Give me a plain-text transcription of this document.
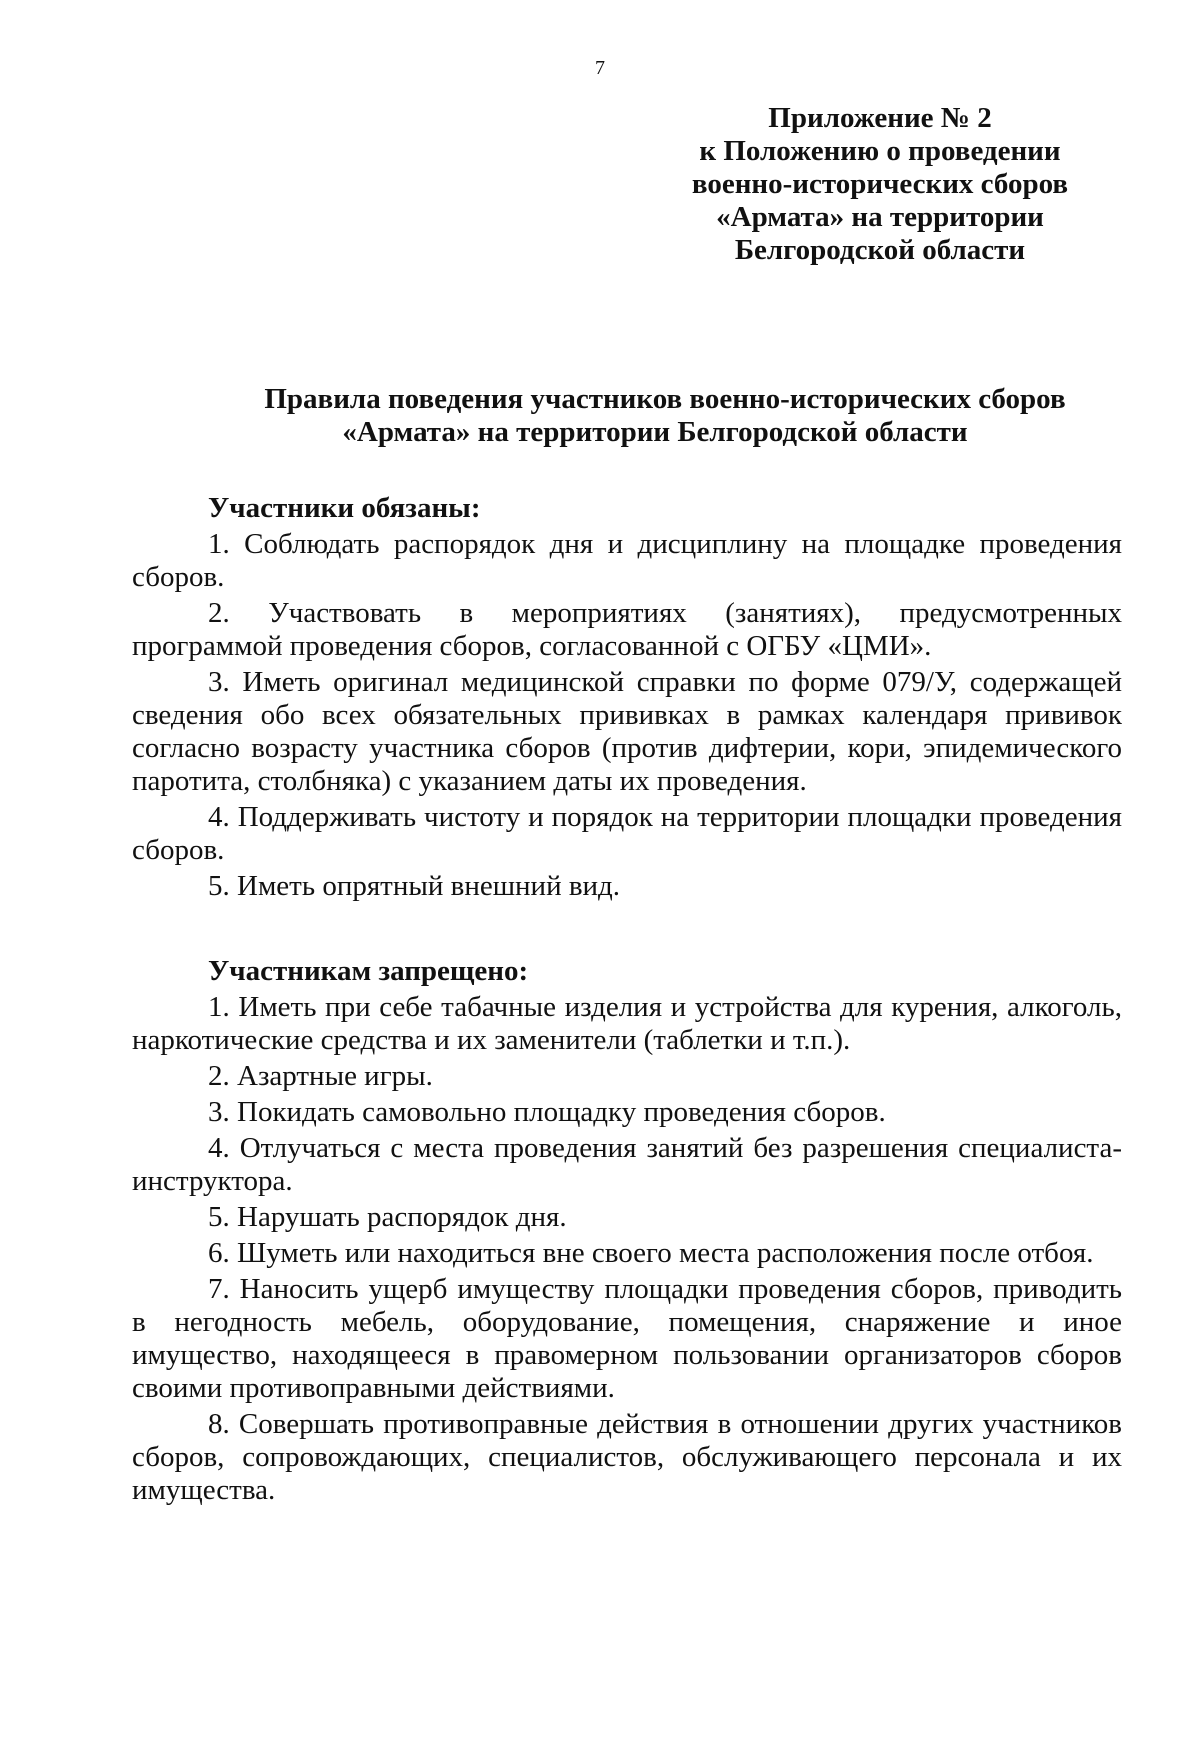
7
Приложение № 2
к Положению о проведении
военно-исторических сборов
«Армата» на территории
Белгородской области
Правила поведения участников военно-исторических сборов
«Армата» на территории Белгородской области

Участники обязаны:

1. Соблюдать распорядок дня и дисциплину на площадке проведения сборов.

2. Участвовать в мероприятиях (занятиях), предусмотренных программой проведения сборов, согласованной с ОГБУ «ЦМИ».

3. Иметь оригинал медицинской справки по форме 079/У, содержащей сведения обо всех обязательных прививках в рамках календаря прививок согласно возрасту участника сборов (против дифтерии, кори, эпидемического паротита, столбняка) с указанием даты их проведения.

4. Поддерживать чистоту и порядок на территории площадки проведения сборов.

5. Иметь опрятный внешний вид.

Участникам запрещено:

1. Иметь при себе табачные изделия и устройства для курения, алкоголь, наркотические средства и их заменители (таблетки и т.п.).

2. Азартные игры.

3. Покидать самовольно площадку проведения сборов.

4. Отлучаться с места проведения занятий без разрешения специалиста-инструктора.

5. Нарушать распорядок дня.

6. Шуметь или находиться вне своего места расположения после отбоя.

7. Наносить ущерб имуществу площадки проведения сборов, приводить в негодность мебель, оборудование, помещения, снаряжение и иное имущество, находящееся в правомерном пользовании организаторов сборов своими противоправными действиями.

8. Совершать противоправные действия в отношении других участников сборов, сопровождающих, специалистов, обслуживающего персонала и их имущества.
